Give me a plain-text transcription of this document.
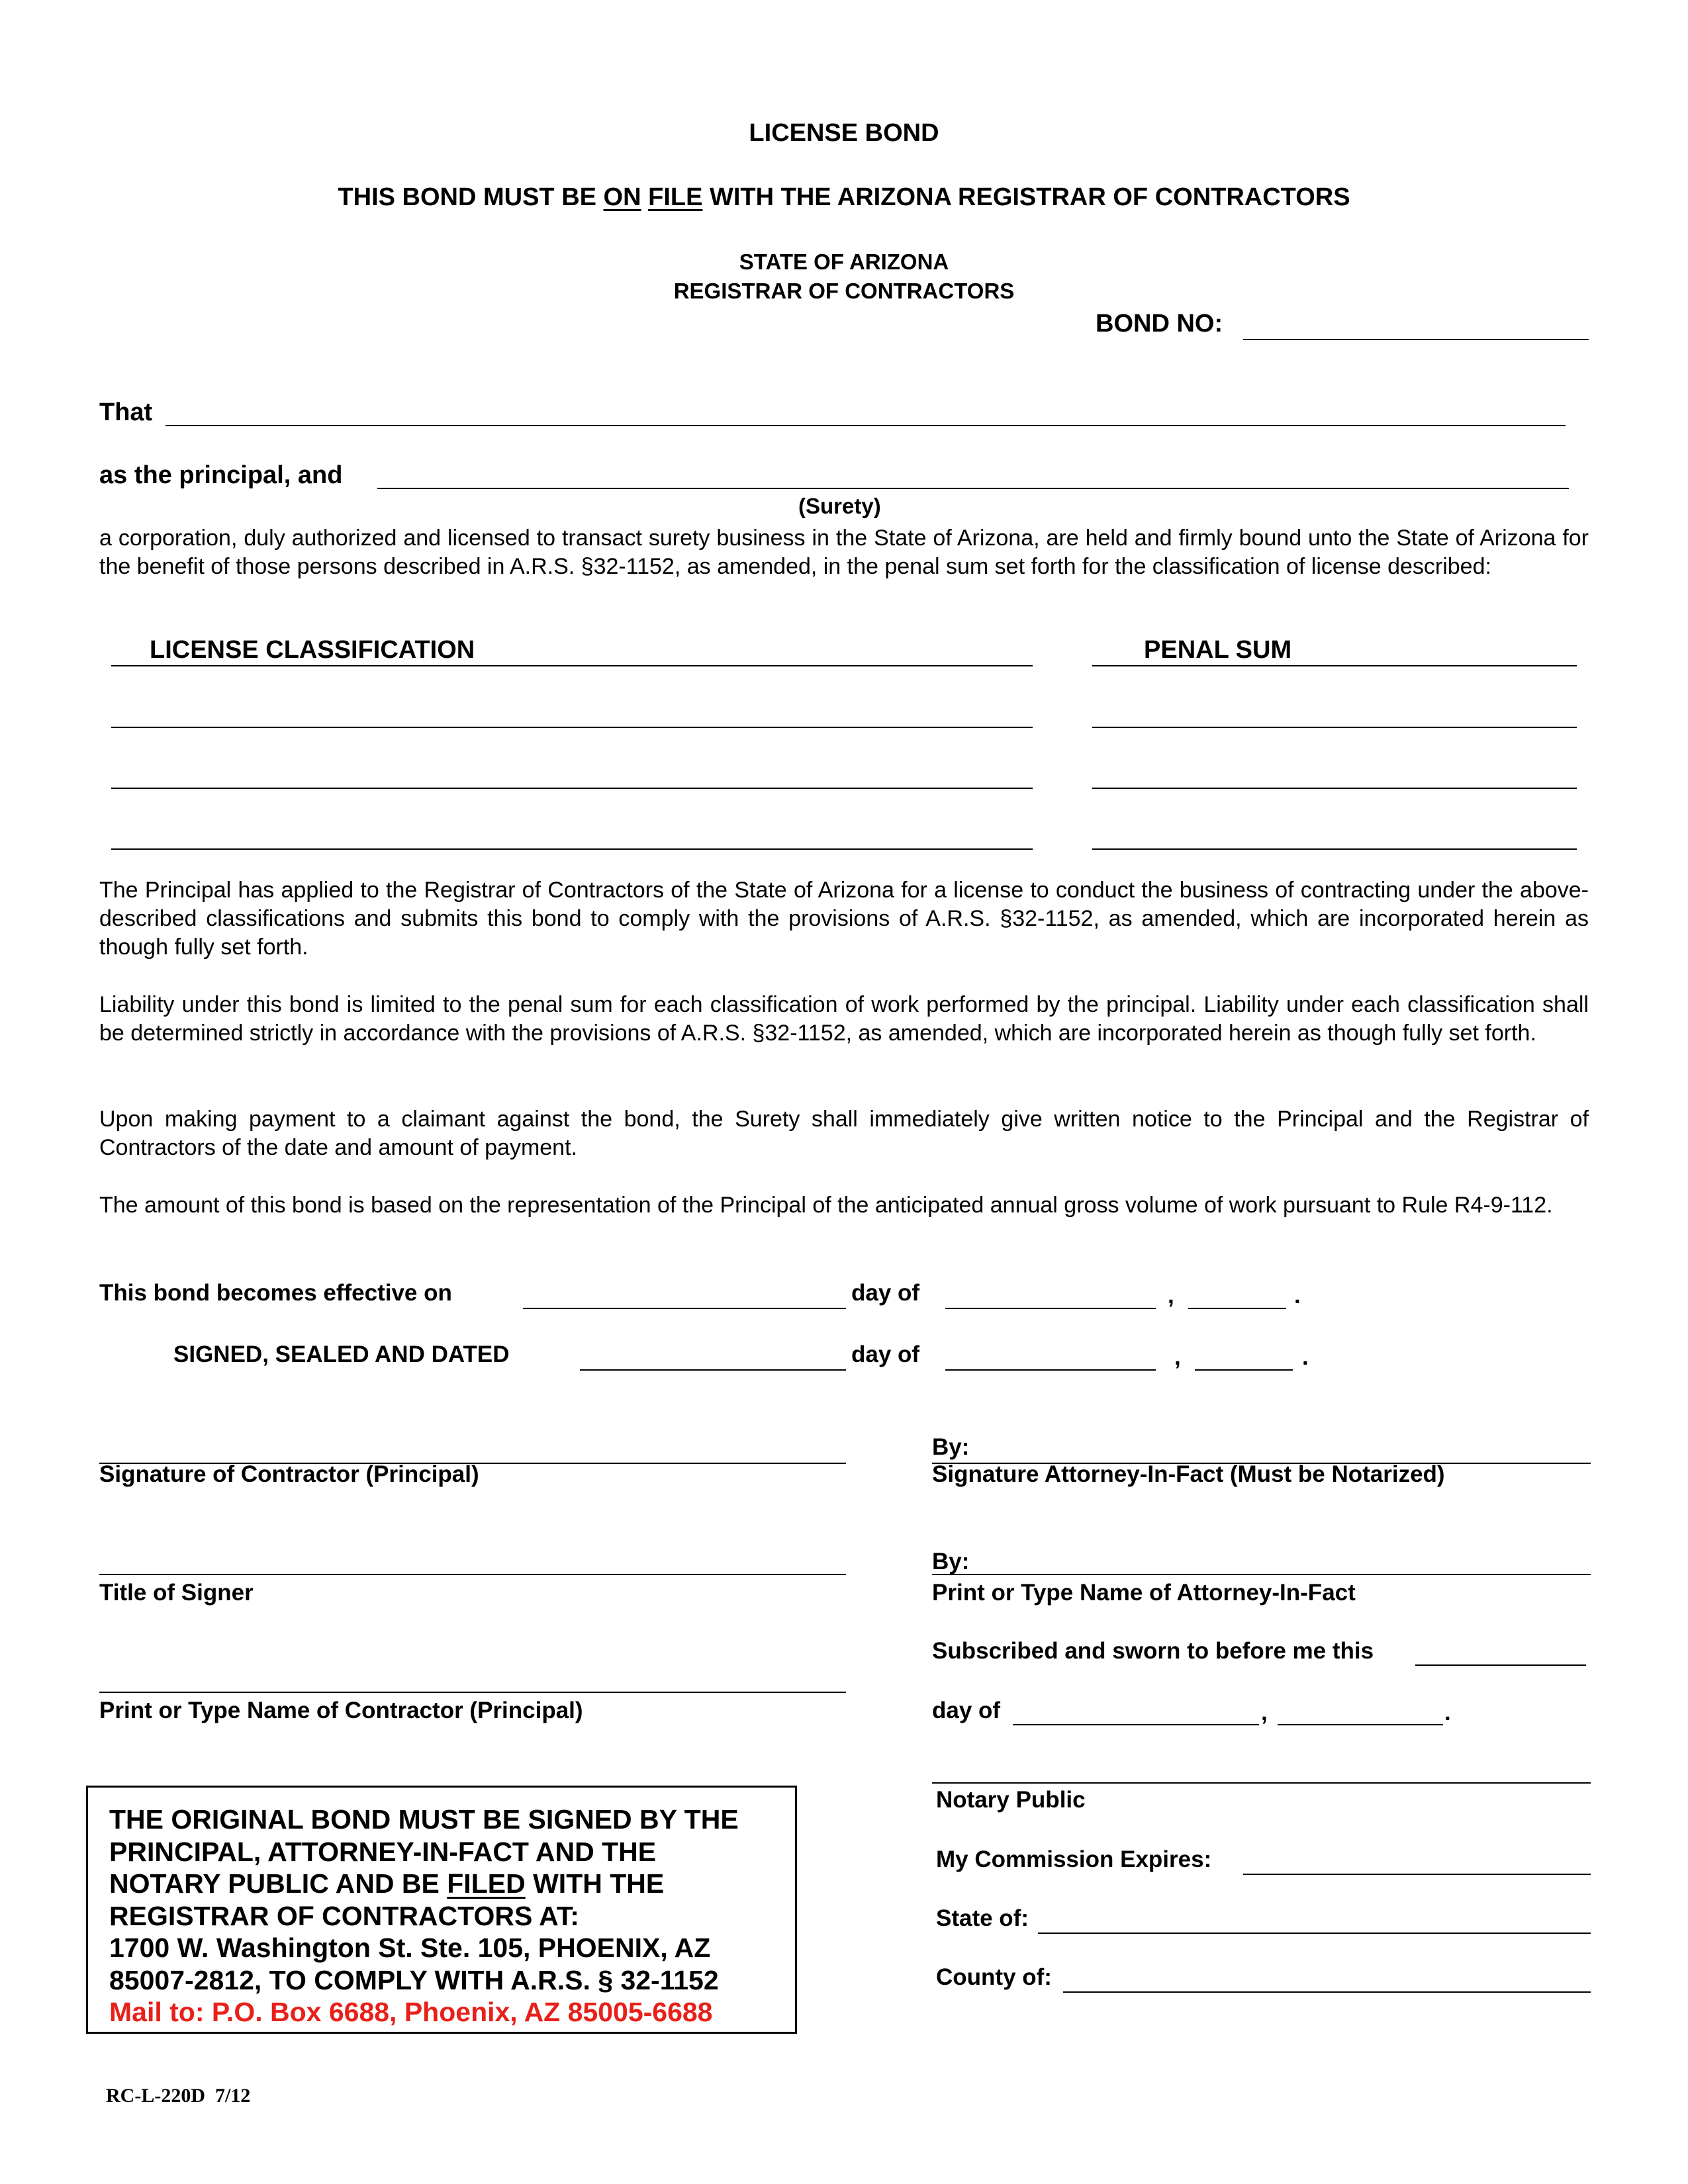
LICENSE BOND
THIS BOND MUST BE ON FILE WITH THE ARIZONA REGISTRAR OF CONTRACTORS
STATE OF ARIZONA
REGISTRAR OF CONTRACTORS
BOND NO:
That
as the principal, and
(Surety)
a corporation, duly authorized and licensed to transact surety business in the State of Arizona, are held and firmly bound unto the State of Arizona for the benefit of those persons described in A.R.S. §32-1152, as amended, in the penal sum set forth for the classification of license described:
LICENSE CLASSIFICATION	PENAL SUM
The Principal has applied to the Registrar of Contractors of the State of Arizona for a license to conduct the business of contracting under the above-described classifications and submits this bond to comply with the provisions of A.R.S. §32-1152, as amended, which are incorporated herein as though fully set forth.
Liability under this bond is limited to the penal sum for each classification of work performed by the principal. Liability under each classification shall be determined strictly in accordance with the provisions of A.R.S. §32-1152, as amended, which are incorporated herein as though fully set forth.
Upon making payment to a claimant against the bond, the Surety shall immediately give written notice to the Principal and the Registrar of Contractors of the date and amount of payment.
The amount of this bond is based on the representation of the Principal of the anticipated annual gross volume of work pursuant to Rule R4-9-112.
This bond becomes effective on	day of	,	.
SIGNED, SEALED AND DATED	day of	,	.
Signature of Contractor (Principal)
Title of Signer
Print or Type Name of Contractor (Principal)
By:
Signature Attorney-In-Fact (Must be Notarized)
By:
Print or Type Name of Attorney-In-Fact
Subscribed and sworn to before me this
day of	,	.
Notary Public
My Commission Expires:
State of:
County of:
THE ORIGINAL BOND MUST BE SIGNED BY THE
PRINCIPAL, ATTORNEY-IN-FACT AND THE
NOTARY PUBLIC AND BE FILED WITH THE
REGISTRAR OF CONTRACTORS AT:
1700 W. Washington St. Ste. 105, PHOENIX, AZ
85007-2812, TO COMPLY WITH A.R.S. § 32-1152
Mail to: P.O. Box 6688, Phoenix, AZ 85005-6688
RC-L-220D  7/12
